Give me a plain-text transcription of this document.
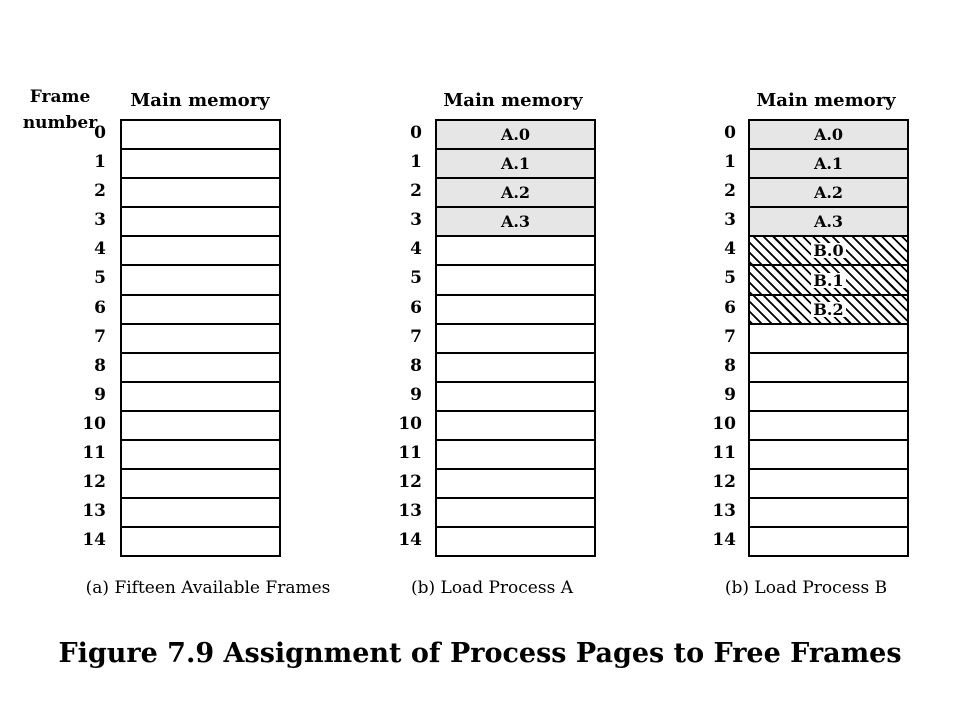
Frame
number
Main memory
0
1
2
3
4
5
6
7
8
9
10
11
12
13
14
(a) Fifteen Available Frames
Main memory
0
1
2
3
4
5
6
7
8
9
10
11
12
13
14
A.0
A.1
A.2
A.3
(b) Load Process A
Main memory
0
1
2
3
4
5
6
7
8
9
10
11
12
13
14
A.0
A.1
A.2
A.3
B.0
B.1
B.2
(b) Load Process B
Figure 7.9 Assignment of Process Pages to Free Frames
